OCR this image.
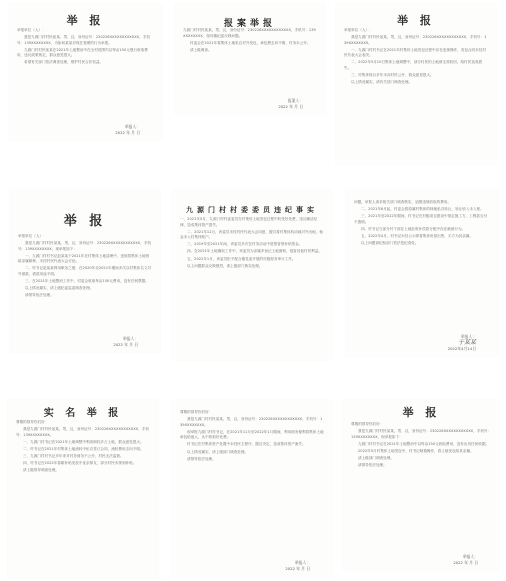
举 报
举报单位（人）：
我是九源门村村民崔某，男，汉，身份证号：230226XXXXXXXXXXXX，手机号：139XXXXXXXX，为如何某某对现在管理的行为举报。
九源门村村民某某在2021年土地整治中在全村范围内以每亩150元强行收取费用，违反政策规定，群众意见很大。
希望有关部门依法调查处理，维护村民合法权益。
举报人：
2022 年 月 日
报案举报
九源门村村民某某，男，汉，身份证号：230226XXXXXXXXXXXX，手机号：139XXXXXXXX，现向镇纪委反映问题。
村委会在2021年将集体土地私自对外发包，承包费去向不明，村务未公开。
请上级调查。
报案人：
2022 年 月 日
举 报
举报单位（人）：
我是九源门村村民某某，男，汉，身份证号：230226XXXXXXXXXXXX，手机号：139XXXXXXXX。
一、九源门村村书记在2021年村集体土地发包过程中存在违规操作，发包合同未经村民代表大会表决。
二、2022年5月10日集体土地调整中，部分村民的土地被无故收回，给村民造成损失。
三、村集体账目多年未向村民公开，群众意见很大。
以上情况属实，请有关部门调查处理。
举 报
举报单位（人）：
我是九源门村村民某某，男，汉，身份证号：230226XXXXXXXXXXXX，手机号：139XXXXXXXX，现举报如下：
一、九源门村村书记赵某某于2021年在村集体土地清理中，违规将集体土地划给亲属耕种，未经村民代表大会讨论。
二、村书记赵某某利用职务之便，在2020年至2021年期间多次以村集体名义对外借款，借款用途不明。
三、在2021年土地整治工作中，村委会收取每亩150元费用，没有任何票据。
以上情况属实，请上级纪委监委调查处理。
请领导依法处理。
举报人：
2022 年 月 日
九源门村村委委员违纪事实
一、2021年5月，九源门村村委委员在村集体土地发包过程中收受好处费，违反廉洁纪律，造成集体资产损失。
二、2021年12月，该委员未经村民代表大会同意，擅自将村集体机动地对外出租，租金未入村集体账户。
三、2019年至2021年间，该委员多次在村务活动中虚报冒领补贴资金。
四、在2021年土地确权工作中，该委员为亲属多登记土地面积，侵害其他村民利益。
五、2022年1月，该委员拒不配合镇党委开展的村级财务审计工作。
以上问题群众反映强烈，请上级部门核实处理。
问题，举报人请求相关部门调查核实，追缴违规收取的费用。
二、2021年6月起，村委会将原属村集体的林地私自转让，转让收入未入账。
三、2021年至2022年期间，村书记在村级项目建设中指定施工方，工程款支付不透明。
四、村书记与部分村干部在土地征收补偿款分配中存在截留行为。
五、2022年4月，村书记未经公示即将集体房屋出售，买方为其亲属。
以上问题请纪检部门依法依纪查处。
举报人：
于某某
2022年4月14日
实 名 举 报
尊敬的领导你们好：
我是九源门村村民某某，男，汉，身份证号：230226XXXXXXXXXXXX，手机号：139XXXXXXXX。
一、九源门村书记在2021年土地调整中利用职权多占土地，群众意见很大。
二、村书记在2021年村集体土地流转中私自签订合同，流转费用去向不明。
三、九源门村村书记多年来对村务财务不公开，村民无法监督。
四、村书记在2022年春耕补贴发放中优亲厚友，部分村民未领到补贴。
请上级领导调查处理。
尊敬的领导你们好：
我是九源门村村民某某，男，汉，身份证号：230226XXXXXXXXXXXX，手机号：139XXXXXXXX。
现举报九源门村村书记，在2021年11月至2022年1月期间，利用职务便利将集体土地承包给他人，从中收取好处费。
村书记在村集体资产处置中未经民主程序，擅自决定，造成集体资产流失。
以上情况属实，请上级部门调查处理。
请领导依法处理。
举报人：
2022 年 月 日
举 报
尊敬的领导你们好：
我是九源门村村民某某，男，汉，身份证号：230226XXXXXXXXXXXX，手机号：139XXXXXXXX，现举报如下：
九源门村村书记在2021年土地整治中以每亩150元收取费用，没有出具任何收据。
2022年5月村集体土地发包中，村书记暗箱操作，将土地发包给其亲属。
请上级部门调查处理。
请领导依法处理。
举报人：
2022 年 月 日
